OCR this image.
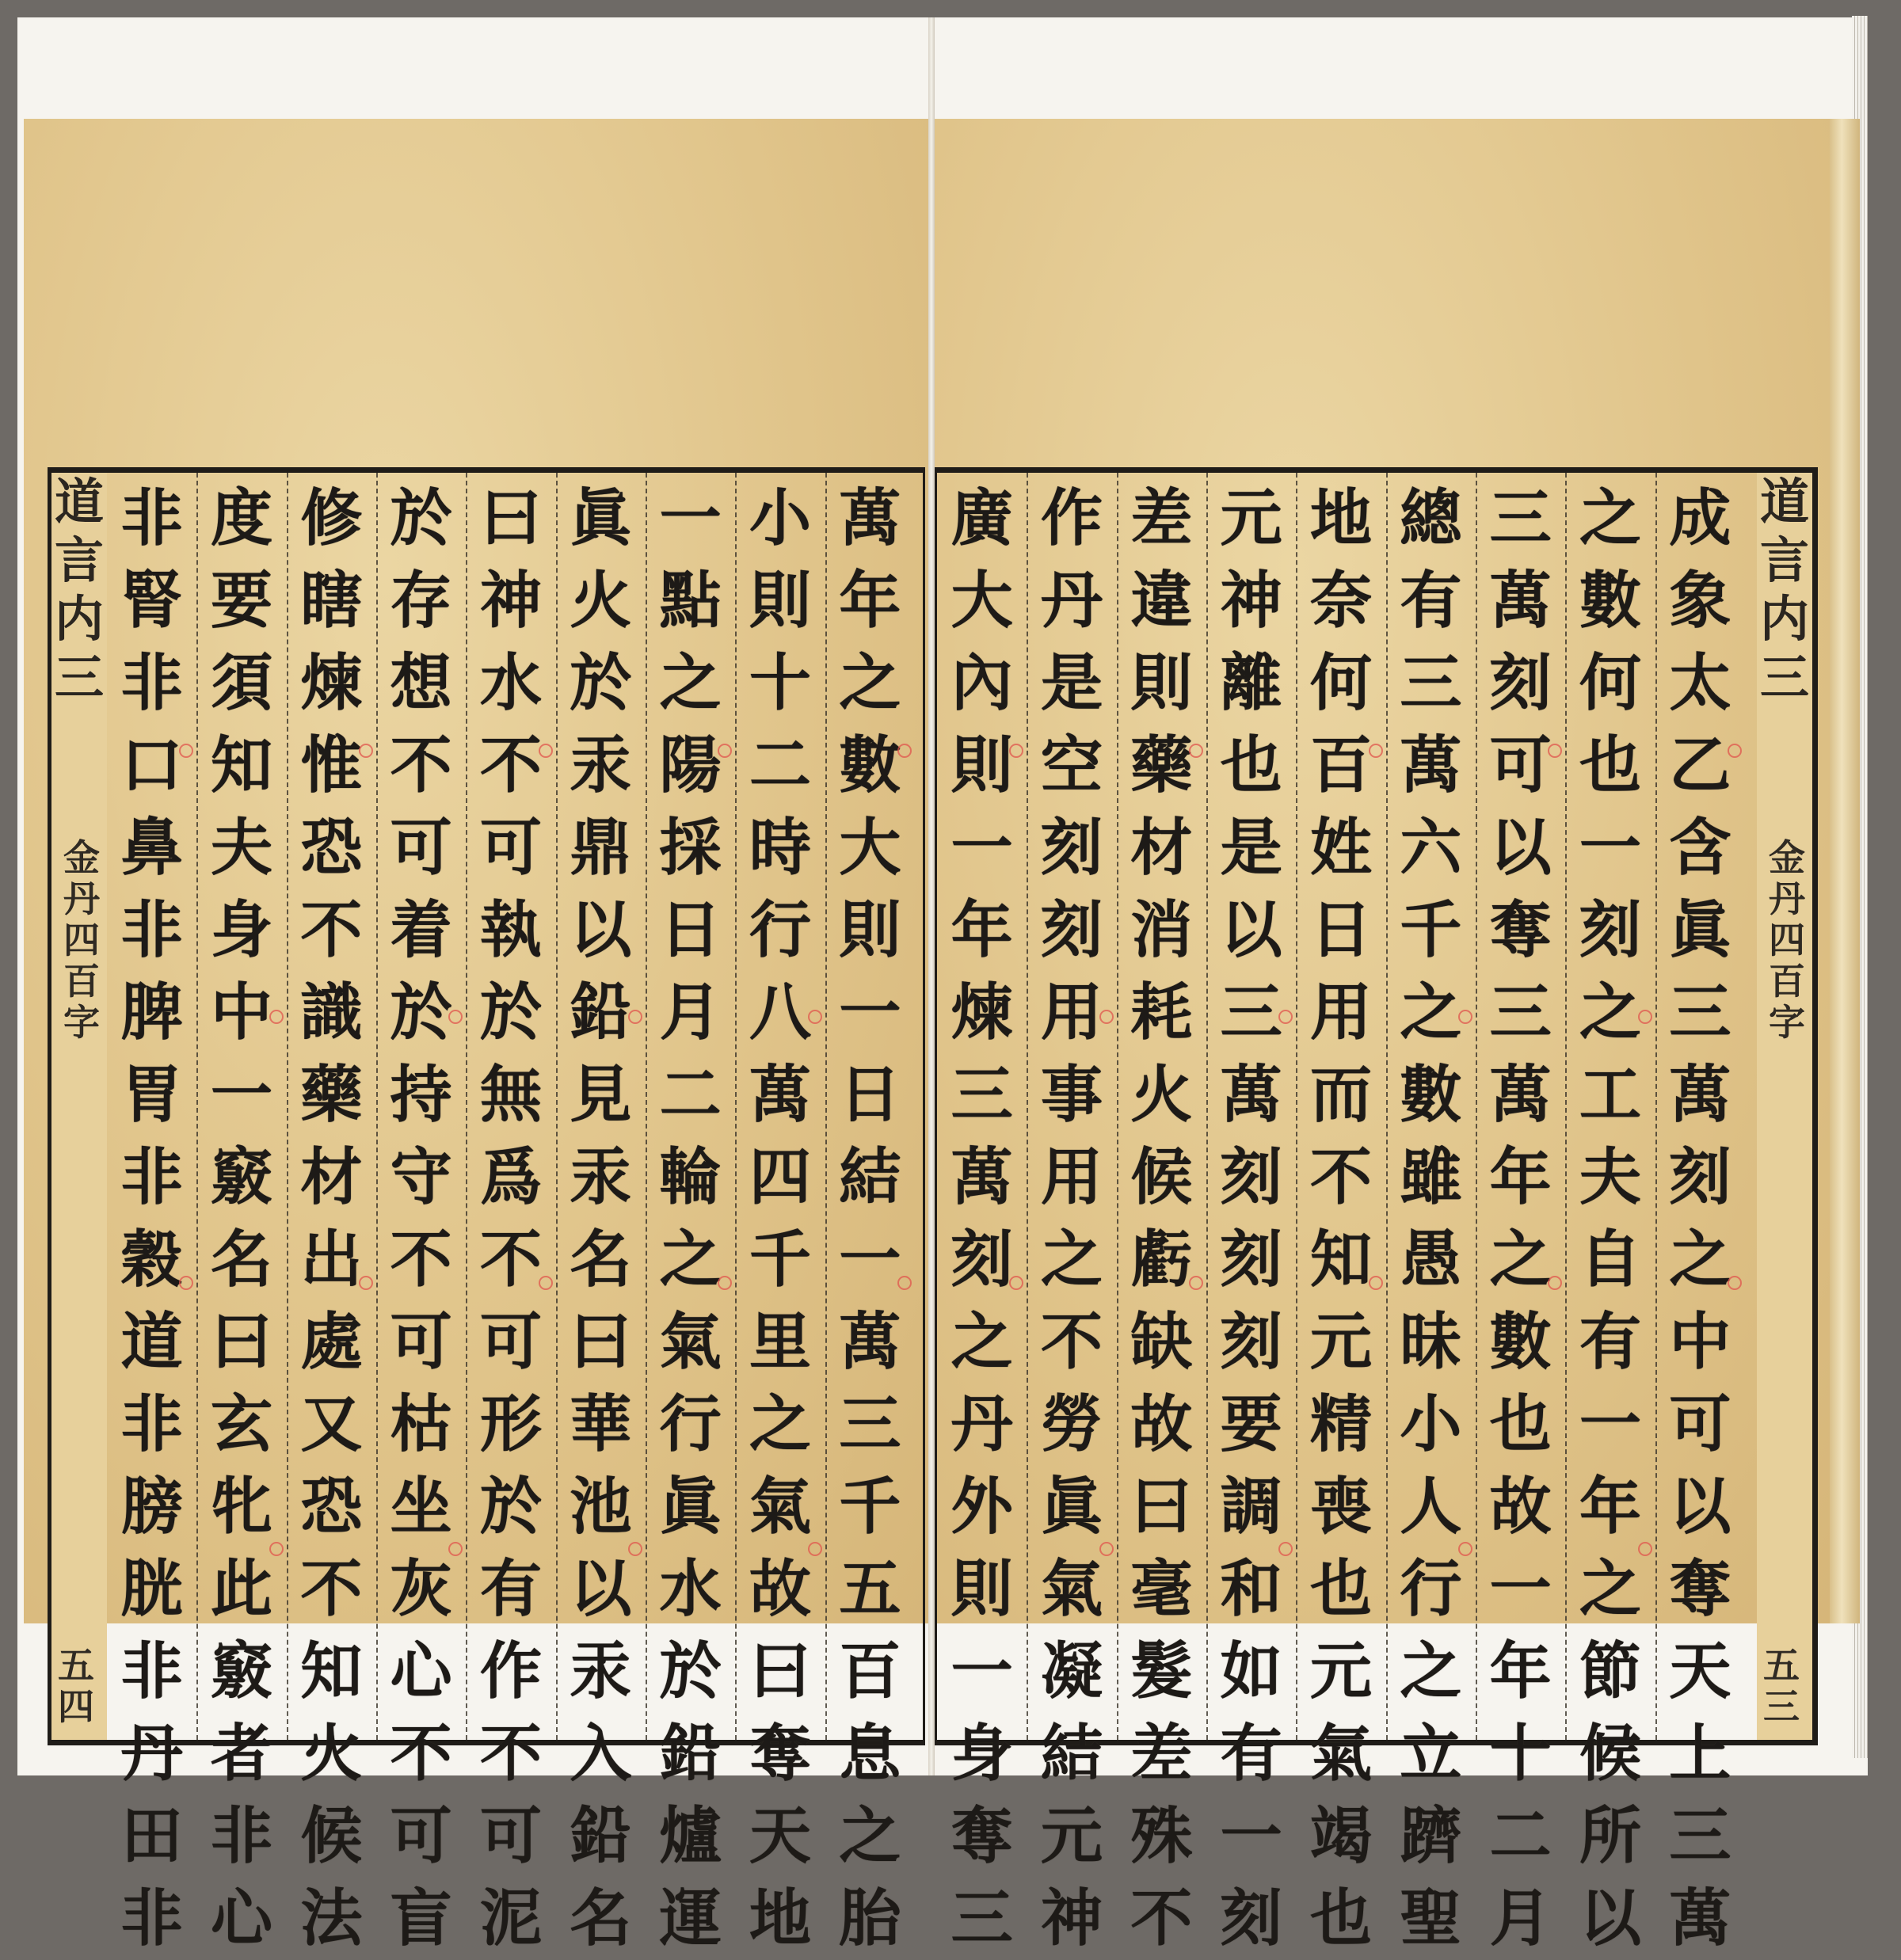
道
言
内
三
金
丹
四
百
字
五四
萬
年
之
數
大
則
一
日
結
一
萬
三
千
五
百
息
之
胎
小
則
十
二
時
行
八
萬
四
千
里
之
氣
故
曰
奪
天
地
一
點
之
陽
採
日
月
二
輪
之
氣
行
眞
水
於
鉛
爐
運
眞
火
於
汞
鼎
以
鉛
見
汞
名
曰
華
池
以
汞
入
鉛
名
曰
神
水
不
可
執
於
無
爲
不
可
形
於
有
作
不
可
泥
於
存
想
不
可
着
於
持
守
不
可
枯
坐
灰
心
不
可
盲
修
瞎
煉
惟
恐
不
識
藥
材
出
處
又
恐
不
知
火
候
法
度
要
須
知
夫
身
中
一
竅
名
曰
玄
牝
此
竅
者
非
心
非
腎
非
口
鼻
非
脾
胃
非
穀
道
非
膀
胱
非
丹
田
非
成
象
太
乙
含
眞
三
萬
刻
之
中
可
以
奪
天
上
三
萬
之
數
何
也
一
刻
之
工
夫
自
有
一
年
之
節
候
所
以
三
萬
刻
可
以
奪
三
萬
年
之
數
也
故
一
年
十
二
月
總
有
三
萬
六
千
之
數
雖
愚
昧
小
人
行
之
立
躋
聖
地
奈
何
百
姓
日
用
而
不
知
元
精
喪
也
元
氣
竭
也
元
神
離
也
是
以
三
萬
刻
刻
刻
要
調
和
如
有
一
刻
差
違
則
藥
材
消
耗
火
候
虧
缺
故
曰
毫
髮
差
殊
不
作
丹
是
空
刻
刻
用
事
用
之
不
勞
眞
氣
凝
結
元
神
廣
大
內
則
一
年
煉
三
萬
刻
之
丹
外
則
一
身
奪
三
道
言
内
三
金
丹
四
百
字
五三
